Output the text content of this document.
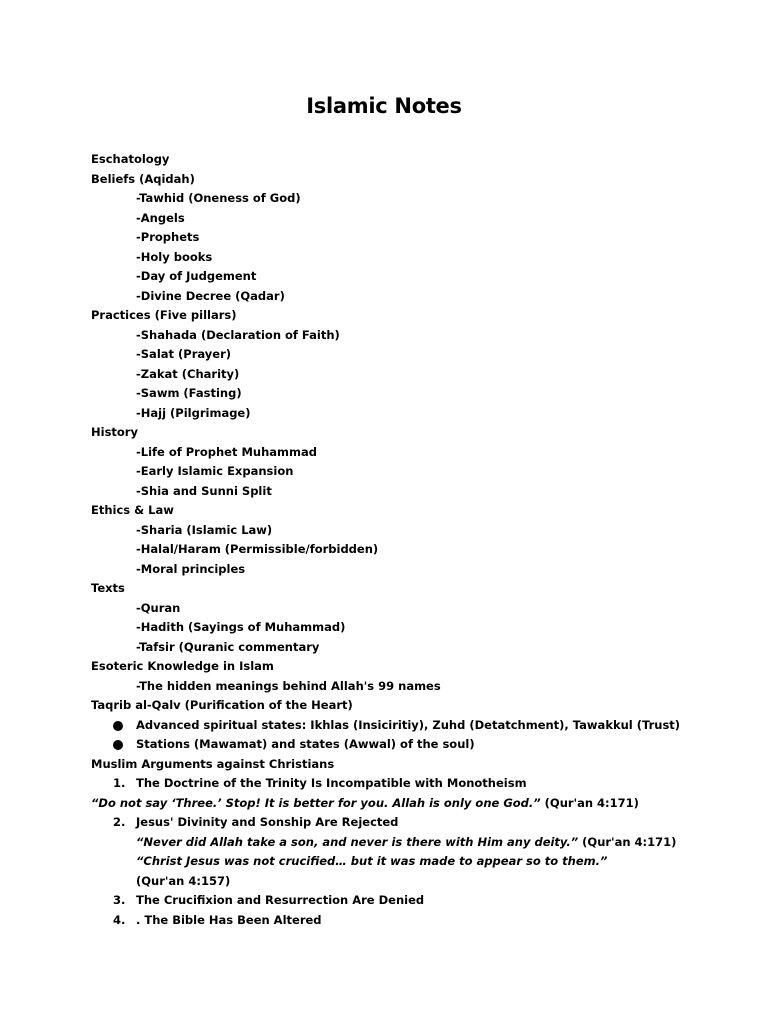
Islamic Notes
Eschatology
Beliefs (Aqidah)
-Tawhid (Oneness of God)
-Angels
-Prophets
-Holy books
-Day of Judgement
-Divine Decree (Qadar)
Practices (Five pillars)
-Shahada (Declaration of Faith)
-Salat (Prayer)
-Zakat (Charity)
-Sawm (Fasting)
-Hajj (Pilgrimage)
History
-Life of Prophet Muhammad
-Early Islamic Expansion
-Shia and Sunni Split
Ethics & Law
-Sharia (Islamic Law)
-Halal/Haram (Permissible/forbidden)
-Moral principles
Texts
-Quran
-Hadith (Sayings of Muhammad)
-Tafsir (Quranic commentary
Esoteric Knowledge in Islam
-The hidden meanings behind Allah's 99 names
Taqrib al-Qalv (Purification of the Heart)
Advanced spiritual states: Ikhlas (Insiciritiy), Zuhd (Detatchment), Tawakkul (Trust)
Stations (Mawamat) and states (Awwal) of the soul)
Muslim Arguments against Christians
1. The Doctrine of the Trinity Is Incompatible with Monotheism
“Do not say ‘Three.’ Stop! It is better for you. Allah is only one God.” (Qur'an 4:171)
2. Jesus' Divinity and Sonship Are Rejected
“Never did Allah take a son, and never is there with Him any deity.” (Qur'an 4:171)
“Christ Jesus was not crucified… but it was made to appear so to them.” (Qur'an 4:157)
3. The Crucifixion and Resurrection Are Denied
4. . The Bible Has Been Altered
